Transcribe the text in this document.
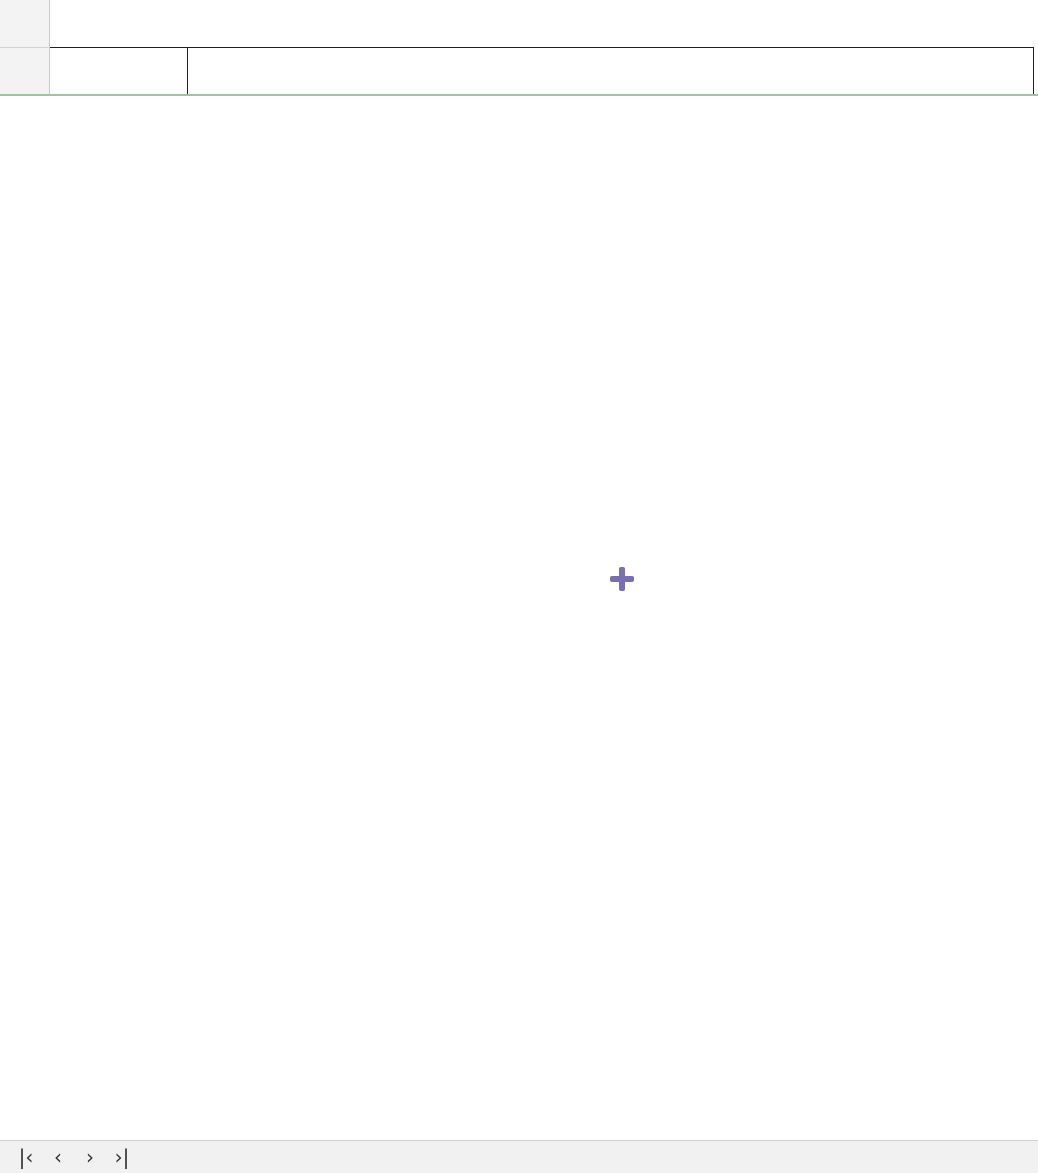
|‹	‹	›	›|
